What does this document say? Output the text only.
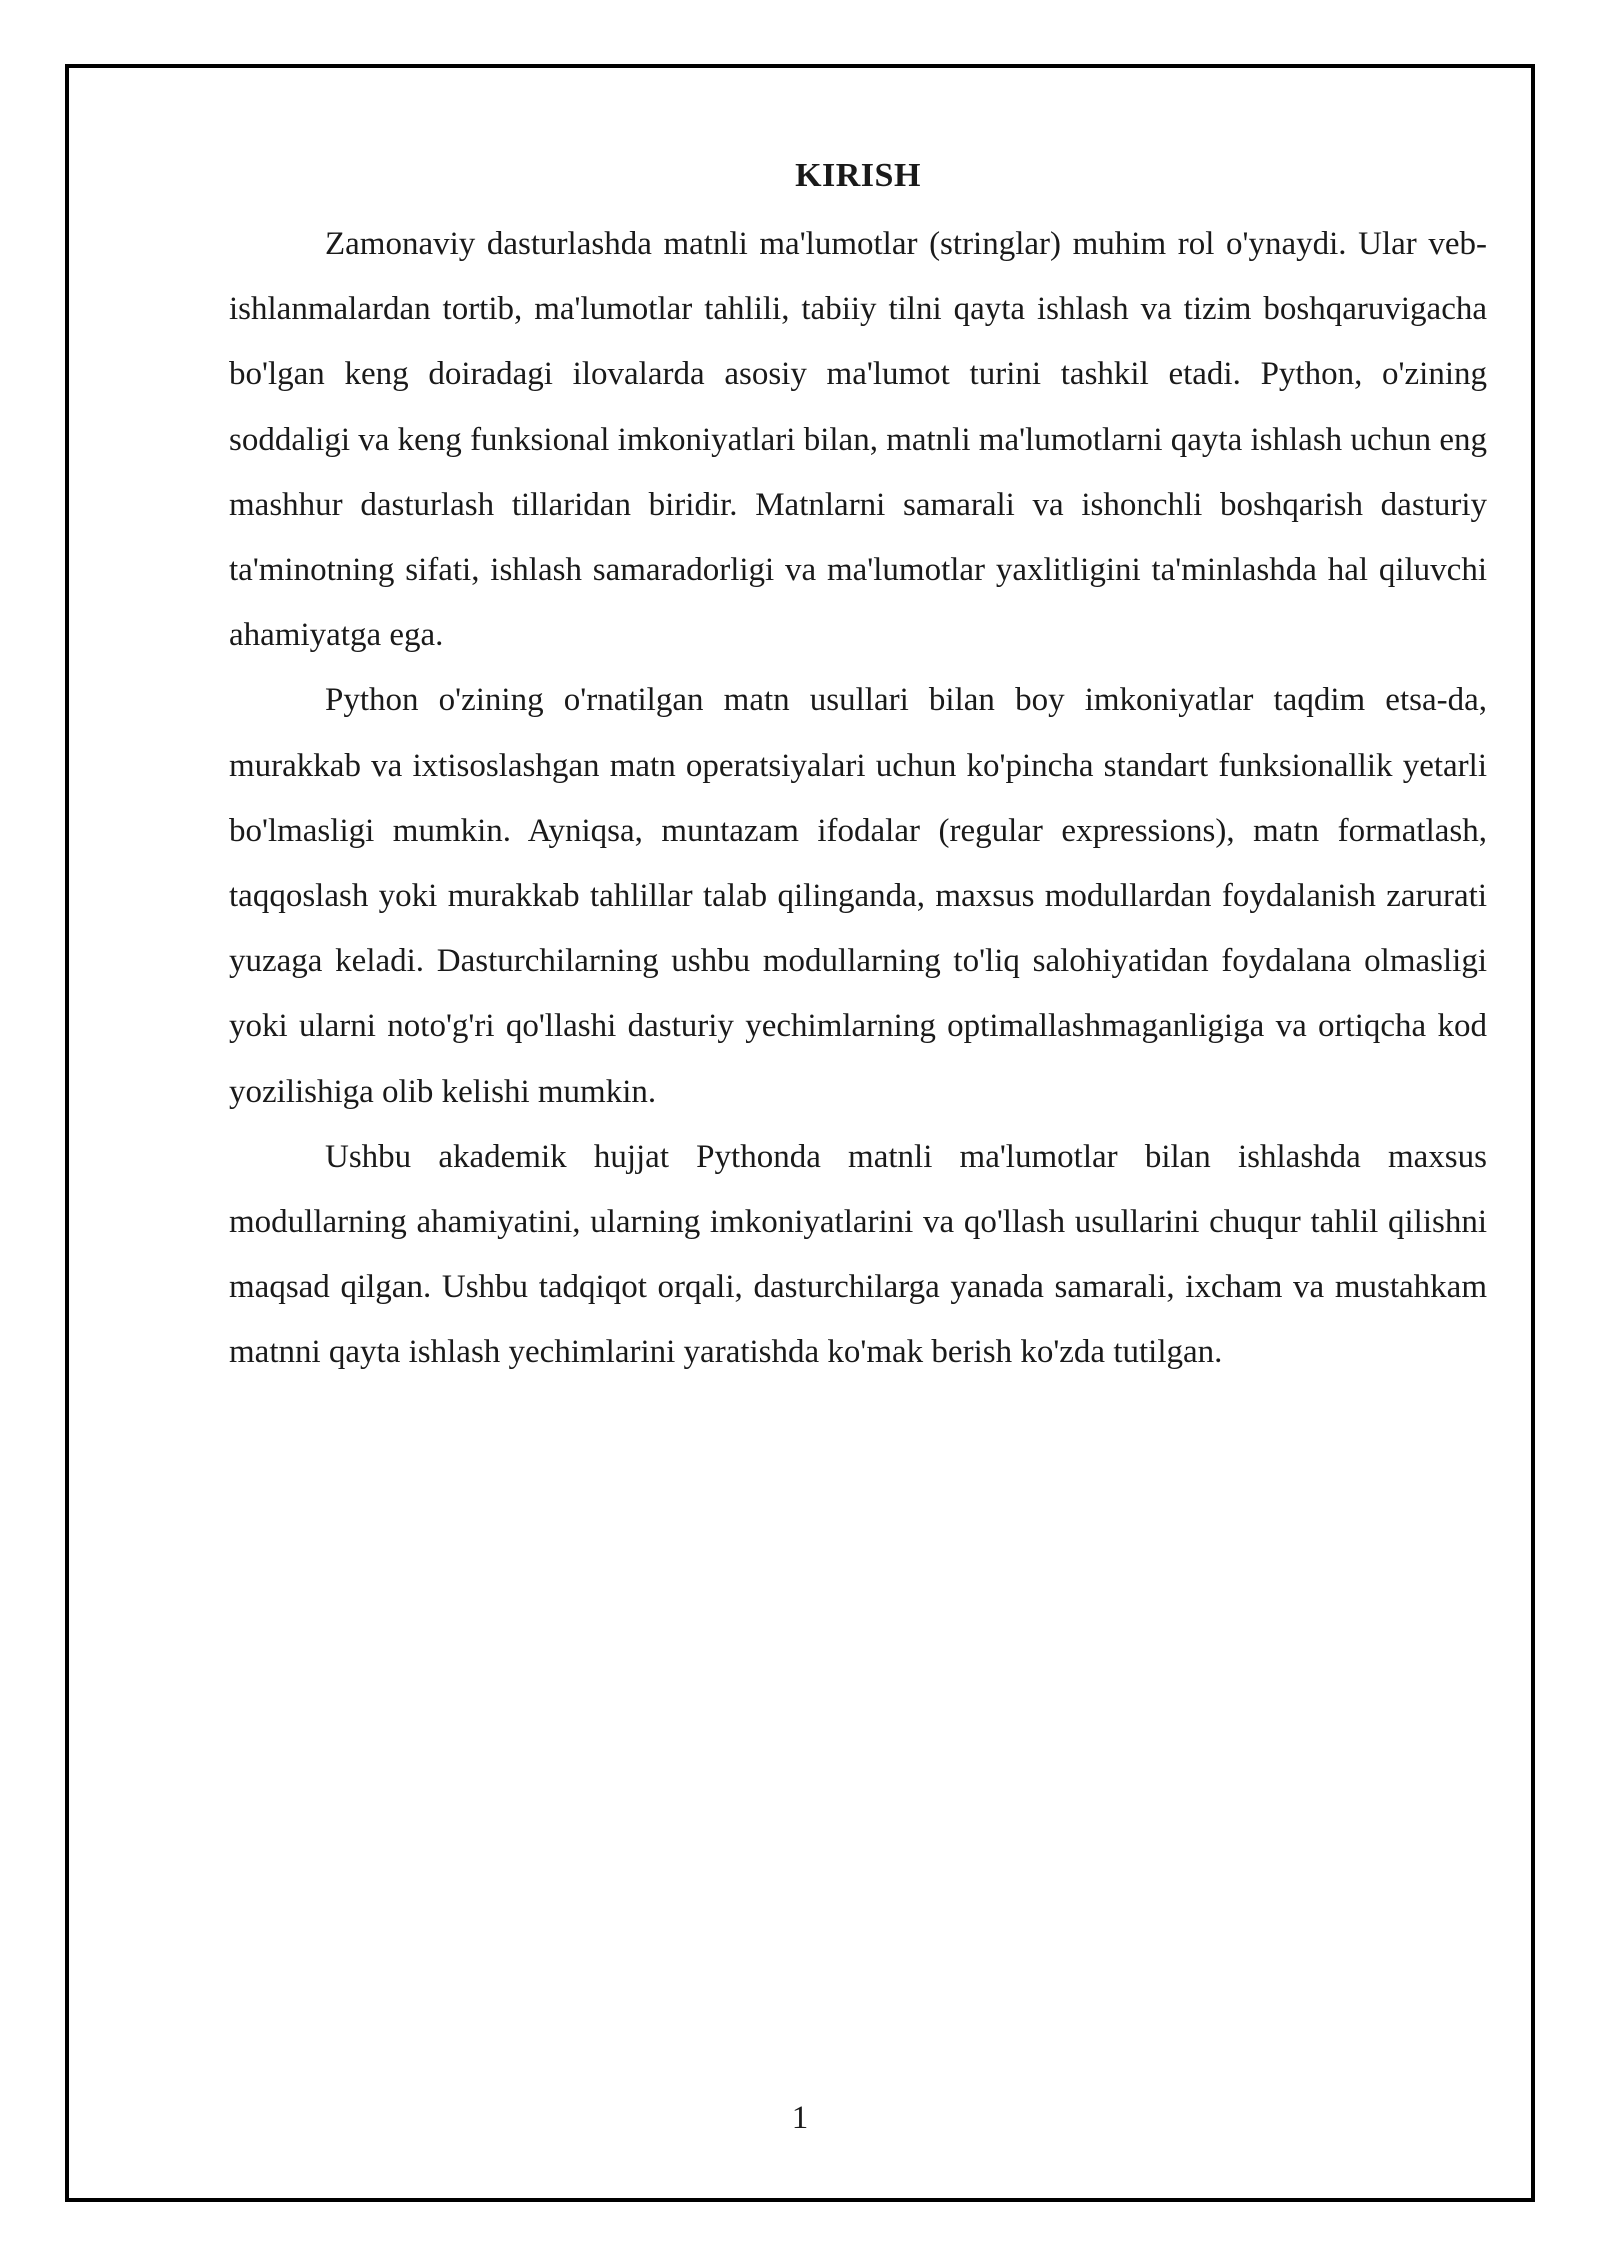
KIRISH

Zamonaviy dasturlashda matnli ma'lumotlar (stringlar) muhim rol o'ynaydi. Ular veb-ishlanmalardan tortib, ma'lumotlar tahlili, tabiiy tilni qayta ishlash va tizim boshqaruvigacha bo'lgan keng doiradagi ilovalarda asosiy ma'lumot turini tashkil etadi. Python, o'zining soddaligi va keng funksional imkoniyatlari bilan, matnli ma'lumotlarni qayta ishlash uchun eng mashhur dasturlash tillaridan biridir. Matnlarni samarali va ishonchli boshqarish dasturiy ta'minotning sifati, ishlash samaradorligi va ma'lumotlar yaxlitligini ta'minlashda hal qiluvchi ahamiyatga ega.

Python o'zining o'rnatilgan matn usullari bilan boy imkoniyatlar taqdim etsa-da, murakkab va ixtisoslashgan matn operatsiyalari uchun ko'pincha standart funksionallik yetarli bo'lmasligi mumkin. Ayniqsa, muntazam ifodalar (regular expressions), matn formatlash, taqqoslash yoki murakkab tahlillar talab qilinganda, maxsus modullardan foydalanish zarurati yuzaga keladi. Dasturchilarning ushbu modullarning to'liq salohiyatidan foydalana olmasligi yoki ularni noto'g'ri qo'llashi dasturiy yechimlarning optimallashmaganligiga va ortiqcha kod yozilishiga olib kelishi mumkin.

Ushbu akademik hujjat Pythonda matnli ma'lumotlar bilan ishlashda maxsus modullarning ahamiyatini, ularning imkoniyatlarini va qo'llash usullarini chuqur tahlil qilishni maqsad qilgan. Ushbu tadqiqot orqali, dasturchilarga yanada samarali, ixcham va mustahkam matnni qayta ishlash yechimlarini yaratishda ko'mak berish ko'zda tutilgan.

1
